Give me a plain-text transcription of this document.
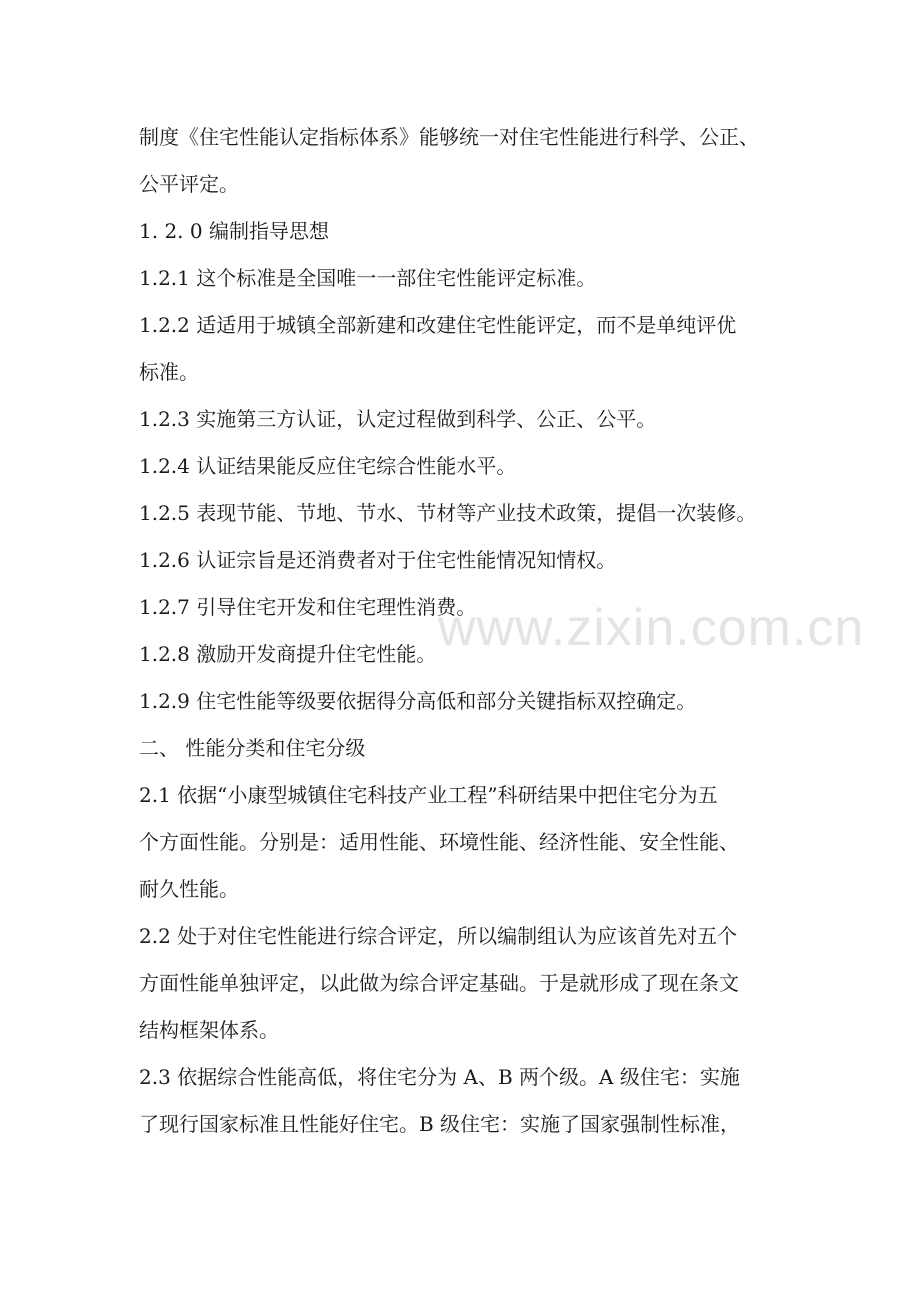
www.zixin.com.cn
制度《住宅性能认定指标体系》能够统一对住宅性能进行科学、公正、
公平评定。
1. 2. 0 编制指导思想
1.2.1 这个标准是全国唯一一部住宅性能评定标准。
1.2.2 适适用于城镇全部新建和改建住宅性能评定，而不是单纯评优
标准。
1.2.3 实施第三方认证，认定过程做到科学、公正、公平。
1.2.4 认证结果能反应住宅综合性能水平。
1.2.5 表现节能、节地、节水、节材等产业技术政策，提倡一次装修。
1.2.6 认证宗旨是还消费者对于住宅性能情况知情权。
1.2.7 引导住宅开发和住宅理性消费。
1.2.8 激励开发商提升住宅性能。
1.2.9 住宅性能等级要依据得分高低和部分关键指标双控确定。
二、 性能分类和住宅分级
2.1 依据“小康型城镇住宅科技产业工程”科研结果中把住宅分为五
个方面性能。分别是：适用性能、环境性能、经济性能、安全性能、
耐久性能。
2.2 处于对住宅性能进行综合评定，所以编制组认为应该首先对五个
方面性能单独评定，以此做为综合评定基础。于是就形成了现在条文
结构框架体系。
2.3 依据综合性能高低，将住宅分为 A、B 两个级。A 级住宅：实施
了现行国家标准且性能好住宅。B 级住宅：实施了国家强制性标准，
